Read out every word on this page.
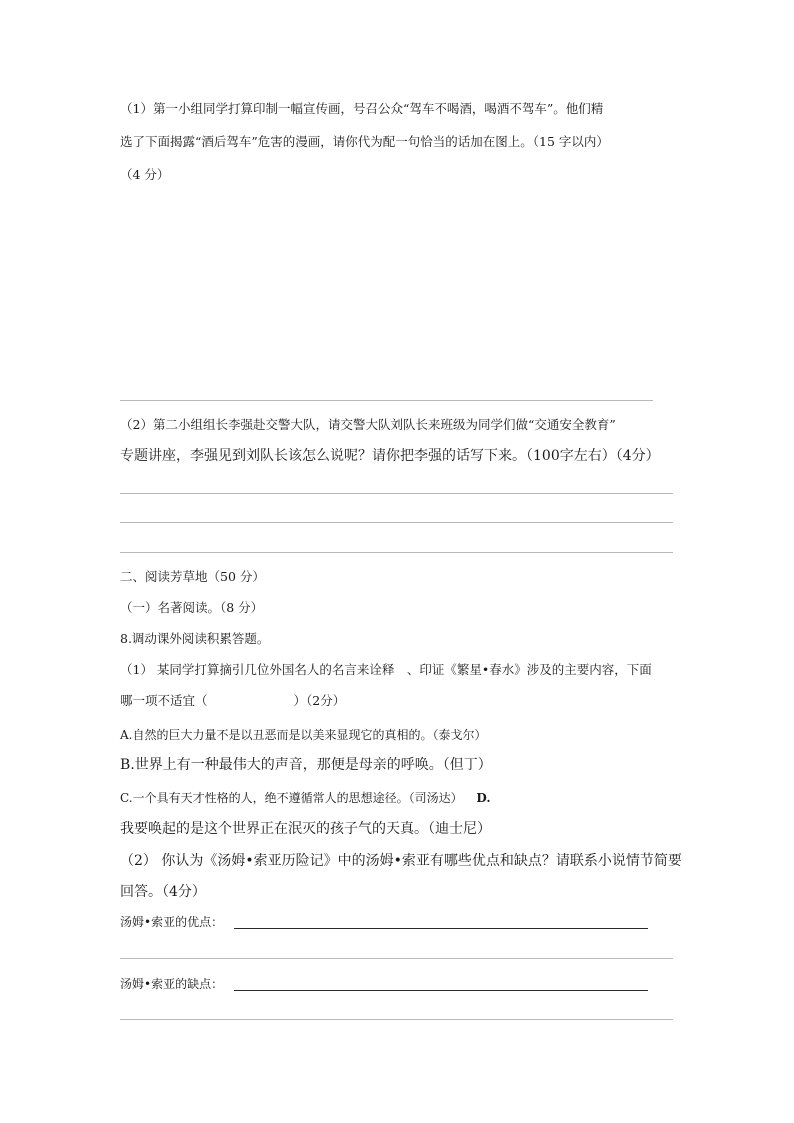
（1）第一小组同学打算印制一幅宣传画，号召公众“驾车不喝酒，喝酒不驾车”。他们精
选了下面揭露“酒后驾车”危害的漫画，请你代为配一句恰当的话加在图上。（15 字以内）
（4 分）
（2）第二小组组长李强赴交警大队，请交警大队刘队长来班级为同学们做“交通安全教育”
专题讲座，李强见到刘队长该怎么说呢？请你把李强的话写下来。（100字左右）（4分）
二、阅读芳草地（50 分）
（一）名著阅读。（8 分）
8.调动课外阅读积累答题。
（1） 某同学打算摘引几位外国名人的名言来诠释　、印证《繁星•春水》涉及的主要内容，下面
哪一项不适宜（	）（2分）
A.自然的巨大力量不是以丑恶而是以美来显现它的真相的。（泰戈尔）
B.世界上有一种最伟大的声音，那便是母亲的呼唤。（但丁）
C.一个具有天才性格的人，绝不遵循常人的思想途径。（司汤达） D.
我要唤起的是这个世界正在泯灭的孩子气的天真。（迪士尼）
（2） 你认为《汤姆•索亚历险记》中的汤姆•索亚有哪些优点和缺点？请联系小说情节简要
回答。（4分）
汤姆•索亚的优点：
汤姆•索亚的缺点：
